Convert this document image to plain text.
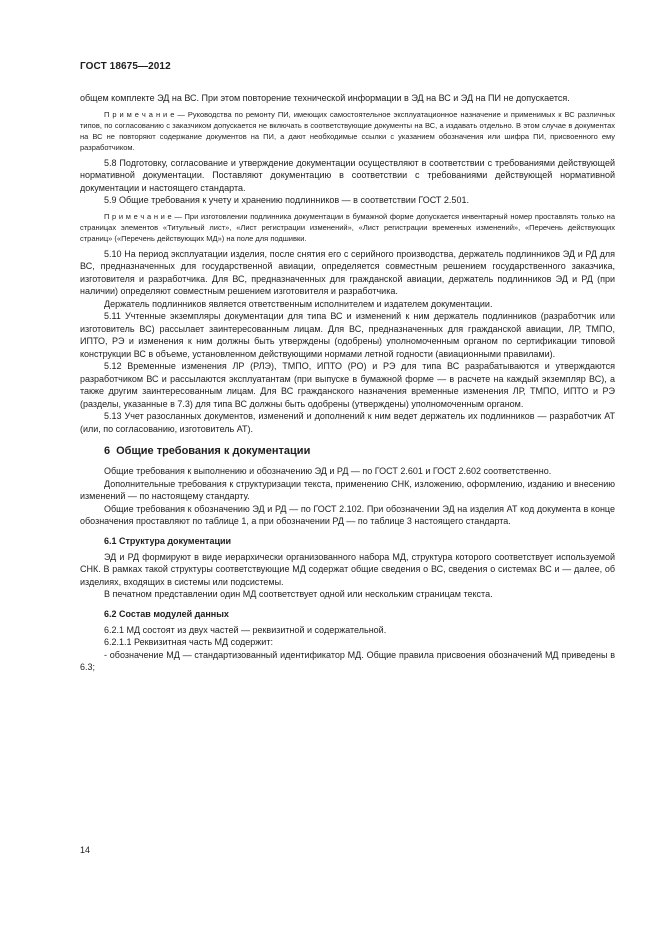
ГОСТ 18675—2012

общем комплекте ЭД на ВС. При этом повторение технической информации в ЭД на ВС и ЭД на ПИ не допускается.

П р и м е ч а н и е — Руководства по ремонту ПИ, имеющих самостоятельное эксплуатационное назначение и применимых к ВС различных типов, по согласованию с заказчиком допускается не включать в соответствующие документы на ВС, а издавать отдельно. В этом случае в документах на ВС не повторяют содержание документов на ПИ, а дают необходимые ссылки с указанием обозначения или шифра ПИ, присвоенного ему разработчиком.

5.8 Подготовку, согласование и утверждение документации осуществляют в соответствии с требованиями действующей нормативной документации. Поставляют документацию в соответствии с требованиями действующей нормативной документации и настоящего стандарта.

5.9 Общие требования к учету и хранению подлинников — в соответствии ГОСТ 2.501.

П р и м е ч а н и е — При изготовлении подлинника документации в бумажной форме допускается инвентарный номер проставлять только на страницах элементов «Титульный лист», «Лист регистрации изменений», «Лист регистрации временных изменений», «Перечень действующих страниц» («Перечень действующих МД») на поле для подшивки.

5.10 На период эксплуатации изделия, после снятия его с серийного производства, держатель подлинников ЭД и РД для ВС, предназначенных для государственной авиации, определяется совместным решением государственного заказчика, изготовителя и разработчика. Для ВС, предназначенных для гражданской авиации, держатель подлинников ЭД и РД (при наличии) определяют совместным решением изготовителя и разработчика.

Держатель подлинников является ответственным исполнителем и издателем документации.

5.11 Учтенные экземпляры документации для типа ВС и изменений к ним держатель подлинников (разработчик или изготовитель ВС) рассылает заинтересованным лицам. Для ВС, предназначенных для гражданской авиации, ЛР, ТМПО, ИПТО, РЭ и изменения к ним должны быть утверждены (одобрены) уполномоченным органом по сертификации типовой конструкции ВС в объеме, установленном действующими нормами летной годности (авиационными правилами).

5.12 Временные изменения ЛР (РЛЭ), ТМПО, ИПТО (РО) и РЭ для типа ВС разрабатываются и утверждаются разработчиком ВС и рассылаются эксплуатантам (при выпуске в бумажной форме — в расчете на каждый экземпляр ВС), а также другим заинтересованным лицам. Для ВС гражданского назначения временные изменения ЛР, ТМПО, ИПТО и РЭ (разделы, указанные в 7.3) для типа ВС должны быть одобрены (утверждены) уполномоченным органом.

5.13 Учет разосланных документов, изменений и дополнений к ним ведет держатель их подлинников — разработчик АТ (или, по согласованию, изготовитель АТ).

6 Общие требования к документации

Общие требования к выполнению и обозначению ЭД и РД — по ГОСТ 2.601 и ГОСТ 2.602 соответственно.

Дополнительные требования к структуризации текста, применению СНК, изложению, оформлению, изданию и внесению изменений — по настоящему стандарту.

Общие требования к обозначению ЭД и РД — по ГОСТ 2.102. При обозначении ЭД на изделия АТ код документа в конце обозначения проставляют по таблице 1, а при обозначении РД — по таблице 3 настоящего стандарта.

6.1 Структура документации

ЭД и РД формируют в виде иерархически организованного набора МД, структура которого соответствует используемой СНК. В рамках такой структуры соответствующие МД содержат общие сведения о ВС, сведения о системах ВС и — далее, об изделиях, входящих в системы или подсистемы.

В печатном представлении один МД соответствует одной или нескольким страницам текста.

6.2 Состав модулей данных

6.2.1 МД состоят из двух частей — реквизитной и содержательной.

6.2.1.1 Реквизитная часть МД содержит:

- обозначение МД — стандартизованный идентификатор МД. Общие правила присвоения обозначений МД приведены в 6.3;

14
